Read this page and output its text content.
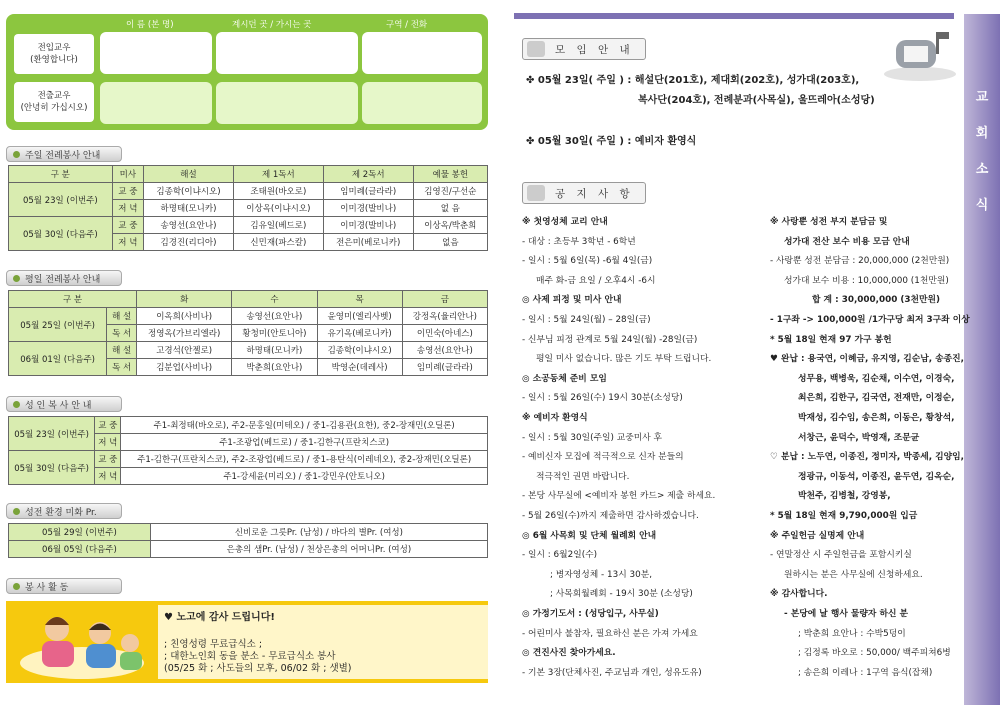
이 름 (본 명)	계시던 곳 / 가시는 곳	구역 / 전화
전입교우
(환영합니다)
전출교우
(안녕히 가십시오)
주일 전례봉사 안내
구 분	미사	해설	제 1독서	제 2독서	예물 봉헌
05월 23일 (이번주)	교 중	김종학(이냐시오)	조태원(바오로)	임미례(글라라)	김영진/구선순
	저 녁	하명태(모니카)	이상옥(이냐시오)	이미경(발비나)	없 음
05월 30일 (다음주)	교 중	송영선(요안나)	김유일(베드로)	이미경(발비나)	이상옥/박춘희
	저 녁	김경진(리디아)	신민재(파스칼)	전은미(베로니카)	없음
평일 전례봉사 안내
구 분		화	수	목	금
05월 25일 (이번주)	해 설	이옥희(사비나)	송영선(요안나)	윤영미(엘리사벳)	강정옥(율리안나)
	독 서	정영옥(가브리엘라)	황청미(안토니아)	유기옥(베로니카)	이민숙(아네스)
06월 01일 (다음주)	해 설	고경석(안젤로)	하명태(모니카)	김종학(이냐시오)	송영선(요안나)
	독 서	김분업(사비나)	박춘희(요안나)	박영순(데레사)	임미례(글라라)
성 인 복 사 안 내
05월 23일 (이번주)	교 중	주1-최정태(바오로), 주2-문홍일(미테오) / 중1-김용관(요한), 중2-장재민(오딜론)
	저 녁	주1-조광업(베드로) / 중1-김한구(프란치스코)
05월 30일 (다음주)	교 중	주1-김한구(프란치스코), 주2-조광업(베드로) / 중1-용탄식(이레네오), 중2-장재민(오딜론)
	저 녁	주1-강세윤(미리오) / 중1-강민우(안토니오)
성전 환경 미화 Pr.
05월 29일 (이번주)	신비로운 그릇Pr. (남성) / 바다의 별Pr. (여성)
06월 05일 (다음주)	은총의 샘Pr. (남성) / 천상은총의 어머니Pr. (여성)
봉 사 활 동
♥ 노고에 감사 드립니다!
; 친영성령 무료급식소 ;
; 대한노인회 동을 분소 - 무료급식소 봉사
(05/25 화 ; 사도들의 모후, 06/02 화 ; 샛별)
교
회
소
식
모 임 안 내
✤ 05월 23일( 주일 ) : 해설단(201호), 제대회(202호), 성가대(203호),
복사단(204호), 전례분과(사목실), 울뜨레아(소성당)
✤ 05월 30일( 주일 ) : 예비자 환영식
공 지 사 항
※ 첫영성체 교리 안내
- 대상 : 초등부 3학년 - 6학년
- 일시 : 5월 6일(목) -6월 4일(금)
매주 화-금 요일 / 오후4시 -6시
◎ 사제 피정 및 미사 안내
- 일시 : 5월 24일(월) – 28일(금)
- 신부님 피정 관계로 5월 24일(월) -28일(금)
평일 미사 없습니다. 많은 기도 부탁 드립니다.
◎ 소공동체 준비 모임
- 일시 : 5월 26일(수) 19시 30분(소성당)
※ 예비자 환영식
- 일시 : 5월 30일(주일) 교중미사 후
- 예비신자 모집에 적극적으로 신자 분들의
적극적인 권면 바랍니다.
- 본당 사무실에 <예비자 봉헌 카드> 제출 하세요.
- 5월 26일(수)까지 제출하면 감사하겠습니다.
◎ 6월 사목회 및 단체 월례회 안내
- 일시 : 6월2일(수)
; 병자영성체 - 13시 30분,
; 사목회월례회 - 19시 30분 (소성당)
◎ 가정기도서 : (성당입구, 사무실)
- 어린미사 불참자, 필요하신 분은 가져 가세요
◎ 견진사진 찾아가세요.
- 기본 3장(단체사진, 주교님과 개인, 성유도유)
※ 사랑뿐 성전 부지 분담금 및
성가대 전산 보수 비용 모금 안내
- 사랑뿐 성전 분담금 : 20,000,000 (2천만원)
성가대 보수 비용 : 10,000,000 (1천만원)
합 계 : 30,000,000 (3천만원)
- 1구좌 -> 100,000원 /1가구당 최저 3구좌 이상
* 5월 18일 현재 97 가구 봉헌
♥ 완납 : 용국연, 이혜금, 유지영, 김순남, 송종진,
성무용, 백병욱, 김순채, 이수연, 이경숙,
최은희, 김한구, 김국연, 전재만, 이정순,
박재성, 김수임, 송은희, 이동은, 황창석,
서창근, 윤덕수, 박영재, 조문균
♡ 분납 : 노두연, 이종진, 정미자, 박종세, 김양임,
정광규, 이동석, 이종진, 윤두연, 김옥순,
박천주, 김병철, 강영봉,
* 5월 18일 현재 9,790,000원 입금
※ 주일헌금 실명제 안내
- 연말정산 시 주일헌금을 포함시키실
원하시는 분은 사무실에 신청하세요.
※ 감사합니다.
- 본당에 날 행사 물량자 하신 분
; 박춘희 요안나 : 수박5덩이
; 김정록 바오로 : 50,000/ 백주피쳐6병
; 송은희 이레나 : 1구역 음식(잡채)
